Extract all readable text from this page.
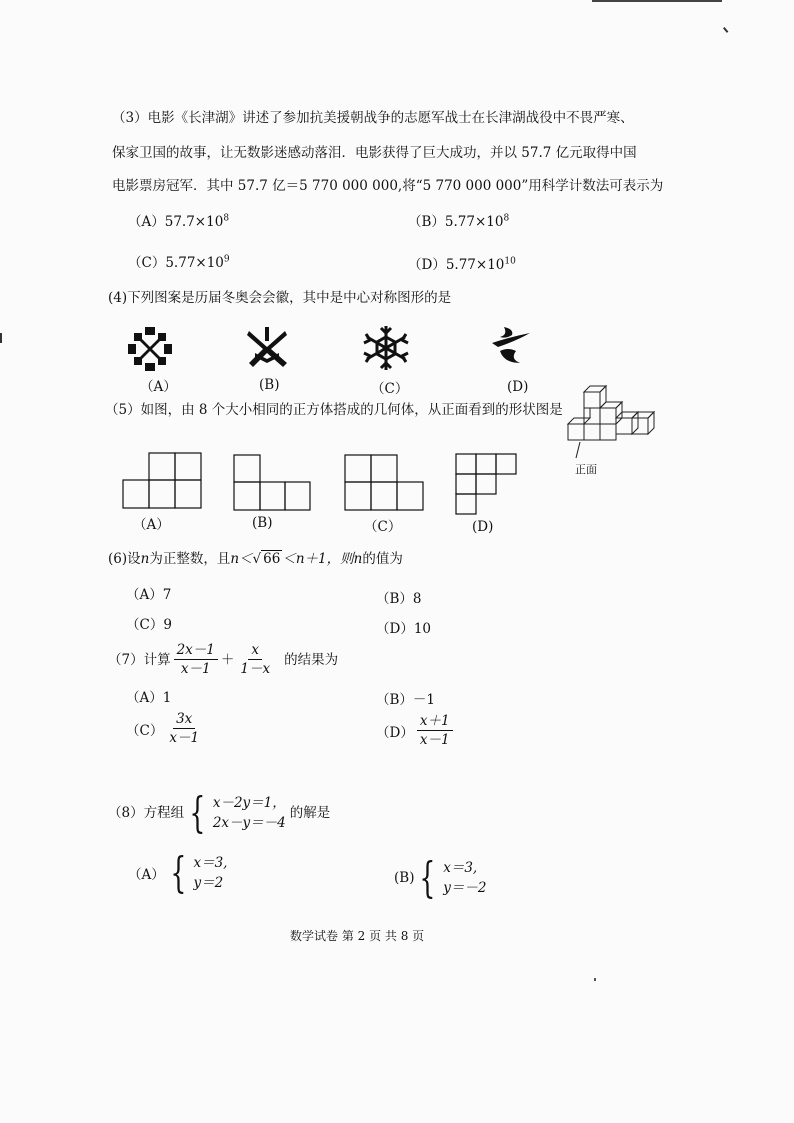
（3）电影《长津湖》讲述了参加抗美援朝战争的志愿军战士在长津湖战役中不畏严寒、
保家卫国的故事，让无数影迷感动落泪．电影获得了巨大成功，并以 57.7 亿元取得中国
电影票房冠军．其中 57.7 亿＝5 770 000 000,将“5 770 000 000”用科学计数法可表示为
$(A)57.7\times 10^8$	$(B)5.77\times 10^8$
$(C)5.77\times 10^9$	$(D)5.77\times 10^{10}$
(4)下列图案是历届冬奥会会徽，其中是中心对称图形的是
（A）	(B)	（C）	(D)
（5）如图，由 8 个大小相同的正方体搭成的几何体，从正面看到的形状图是
正面
（A）	(B)	（C）	(D)
(6)设n为正整数，且n＜√ 66 ＜n＋1，则n的值为
（A）7	（B）8
（C）9	（D）10
（7）计算 $\frac{2x-1}{x-1} + \frac{x}{1-x}$ 的结果为
（A）1	（B）－1
$(C) \frac{3x}{x-1}$	$(D) \frac{x+1}{x-1}$
（8）方程组 { x－2y＝1，
2x－y＝－4
的解是
（A） { x＝3,
y＝2	(B) { x＝3,
y＝－2
数学试卷 第 2 页 共 8 页
